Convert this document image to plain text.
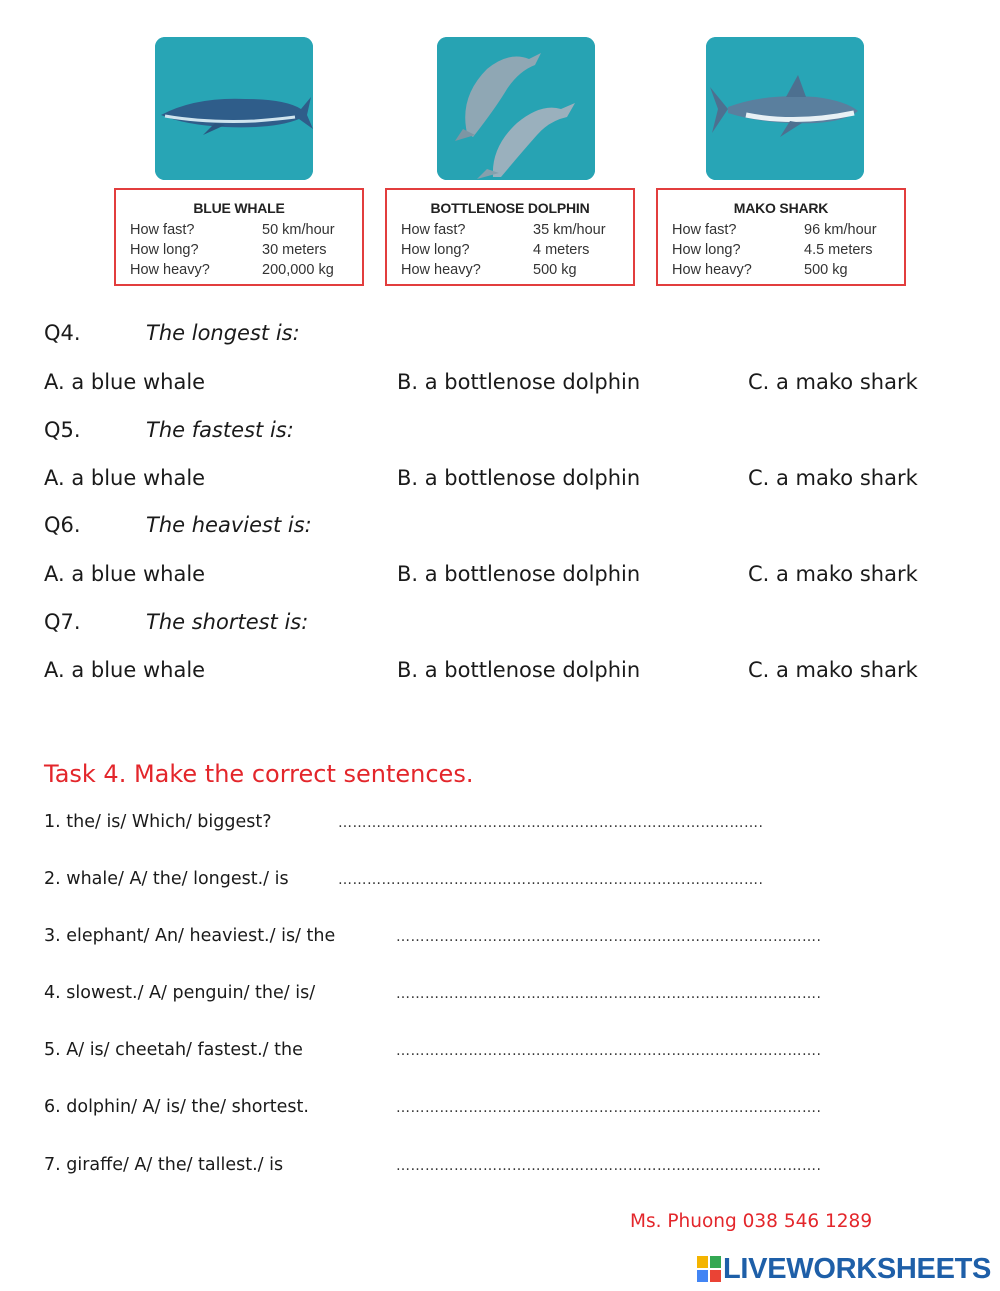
BLUE WHALE
How fast?	50 km/hour
How long?	30 meters
How heavy?	200,000 kg
BOTTLENOSE DOLPHIN
How fast?	35 km/hour
How long?	4 meters
How heavy?	500 kg
MAKO SHARK
How fast?	96 km/hour
How long?	4.5 meters
How heavy?	500 kg
Q4.	The longest is:
A. a blue whale	B. a bottlenose dolphin	C. a mako shark
Q5.	The fastest is:
A. a blue whale	B. a bottlenose dolphin	C. a mako shark
Q6.	The heaviest is:
A. a blue whale	B. a bottlenose dolphin	C. a mako shark
Q7.	The shortest is:
A. a blue whale	B. a bottlenose dolphin	C. a mako shark
Task 4. Make the correct sentences.
1. the/ is/ Which/ biggest?	…………………………………………………………………………….
2. whale/ A/ the/ longest./ is	…………………………………………………………………………….
3. elephant/ An/ heaviest./ is/ the	…………………………………………………………………………….
4. slowest./ A/ penguin/ the/ is/	…………………………………………………………………………….
5. A/ is/ cheetah/ fastest./ the	…………………………………………………………………………….
6. dolphin/ A/ is/ the/ shortest.	…………………………………………………………………………….
7. giraffe/ A/ the/ tallest./ is	…………………………………………………………………………….
Ms. Phuong 038 546 1289
LIVEWORKSHEETS
